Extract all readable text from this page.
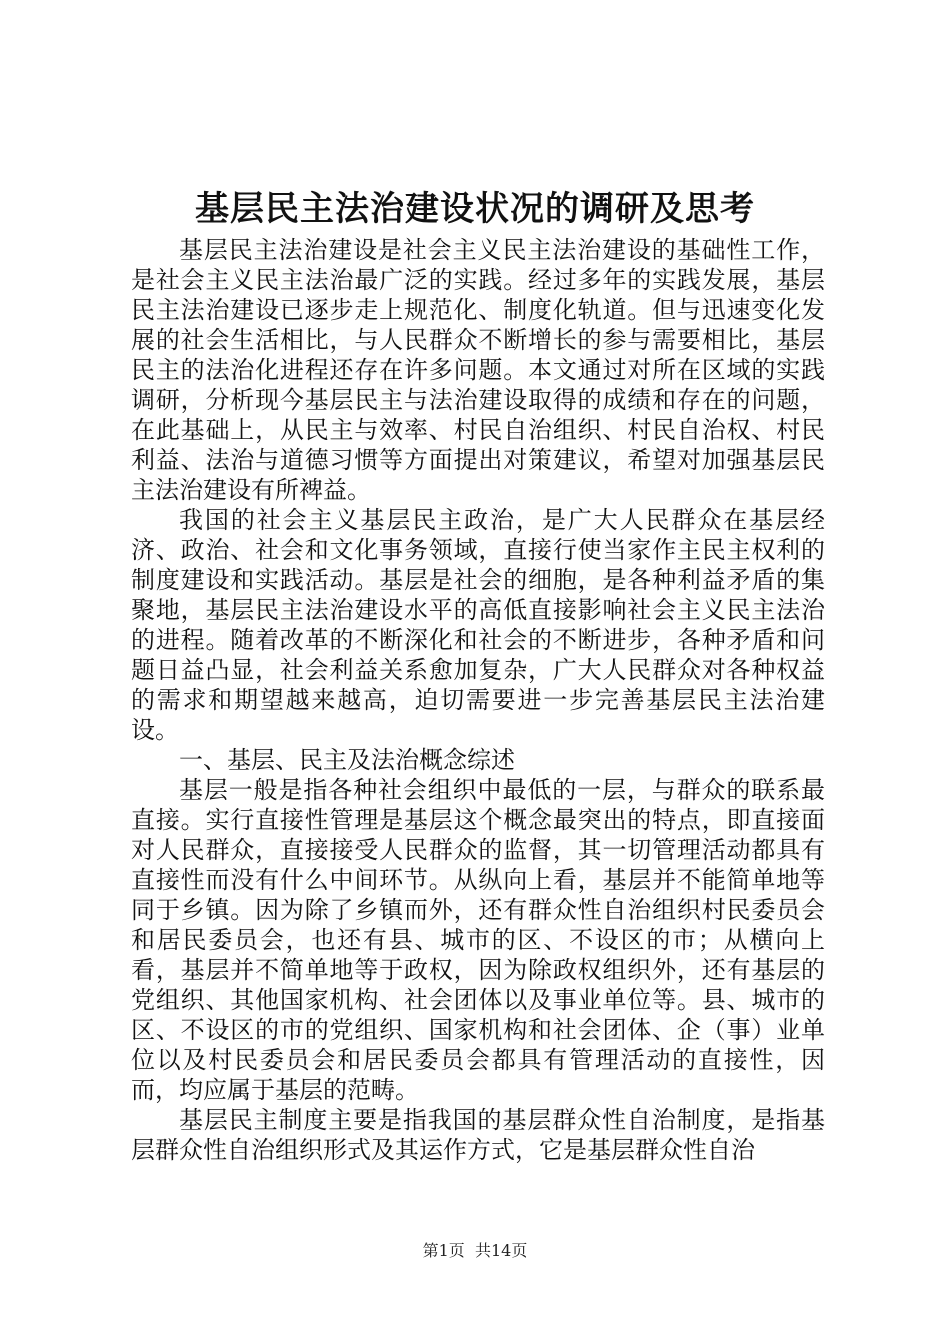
基层民主法治建设状况的调研及思考

基层民主法治建设是社会主义民主法治建设的基础性工作，是社会主义民主法治最广泛的实践。经过多年的实践发展，基层民主法治建设已逐步走上规范化、制度化轨道。但与迅速变化发展的社会生活相比，与人民群众不断增长的参与需要相比，基层民主的法治化进程还存在许多问题。本文通过对所在区域的实践调研，分析现今基层民主与法治建设取得的成绩和存在的问题，在此基础上，从民主与效率、村民自治组织、村民自治权、村民利益、法治与道德习惯等方面提出对策建议，希望对加强基层民主法治建设有所裨益。

我国的社会主义基层民主政治，是广大人民群众在基层经济、政治、社会和文化事务领域，直接行使当家作主民主权利的制度建设和实践活动。基层是社会的细胞，是各种利益矛盾的集聚地，基层民主法治建设水平的高低直接影响社会主义民主法治的进程。随着改革的不断深化和社会的不断进步，各种矛盾和问题日益凸显，社会利益关系愈加复杂，广大人民群众对各种权益的需求和期望越来越高，迫切需要进一步完善基层民主法治建设。

一、基层、民主及法治概念综述

基层一般是指各种社会组织中最低的一层，与群众的联系最直接。实行直接性管理是基层这个概念最突出的特点，即直接面对人民群众，直接接受人民群众的监督，其一切管理活动都具有直接性而没有什么中间环节。从纵向上看，基层并不能简单地等同于乡镇。因为除了乡镇而外，还有群众性自治组织村民委员会和居民委员会，也还有县、城市的区、不设区的市；从横向上看，基层并不简单地等于政权，因为除政权组织外，还有基层的党组织、其他国家机构、社会团体以及事业单位等。县、城市的区、不设区的市的党组织、国家机构和社会团体、企（事）业单位以及村民委员会和居民委员会都具有管理活动的直接性，因而，均应属于基层的范畴。

基层民主制度主要是指我国的基层群众性自治制度，是指基层群众性自治组织形式及其运作方式，它是基层群众性自治

第1页 共14页
